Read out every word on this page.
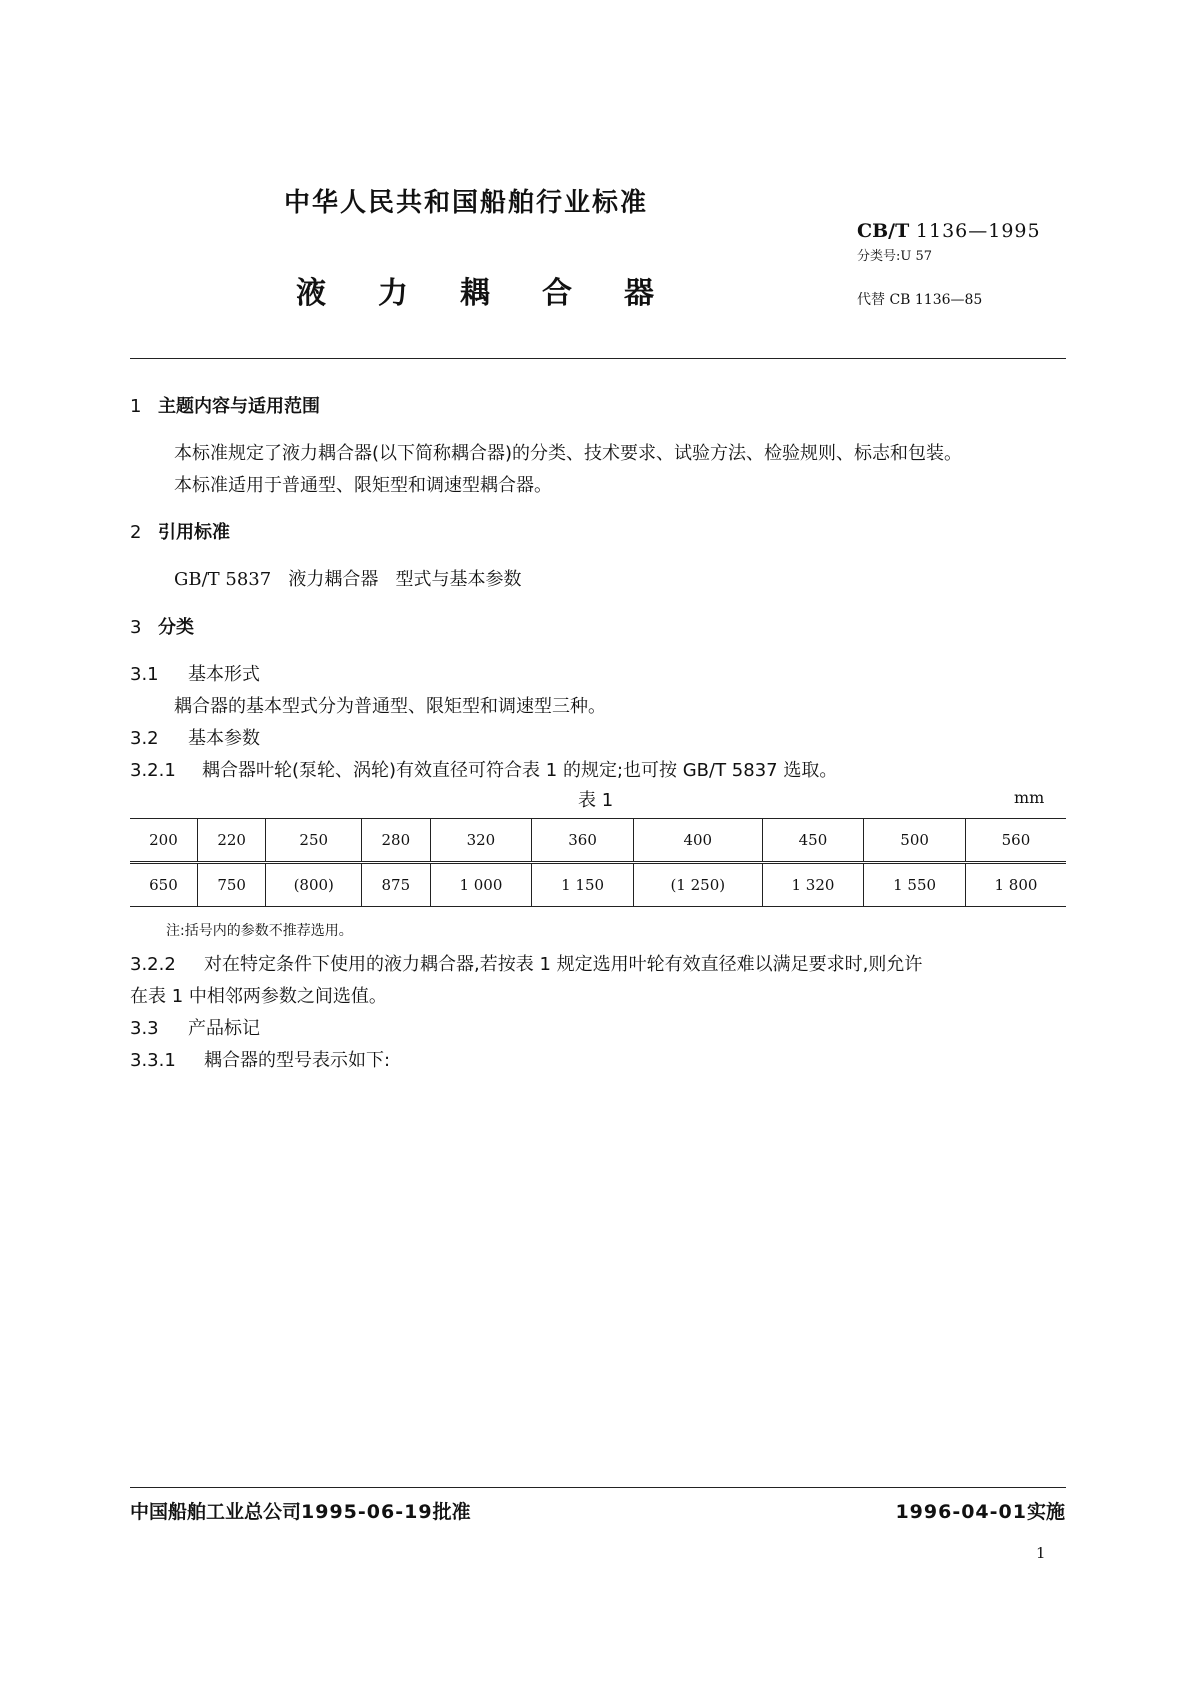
中华人民共和国船舶行业标准
液力耦合器
CB/T 1136—1995
分类号:U 57
代替 CB 1136—85
1 主题内容与适用范围
本标准规定了液力耦合器(以下简称耦合器)的分类、技术要求、试验方法、检验规则、标志和包装。
本标准适用于普通型、限矩型和调速型耦合器。
2 引用标准
GB/T 5837   液力耦合器   型式与基本参数
3 分类
3.1 基本形式
耦合器的基本型式分为普通型、限矩型和调速型三种。
3.2 基本参数
3.2.1 耦合器叶轮(泵轮、涡轮)有效直径可符合表 1 的规定;也可按 GB/T 5837 选取。
表 1	mm
200	220	250	280	320	360	400	450	500	560
650	750	(800)	875	1 000	1 150	(1 250)	1 320	1 550	1 800
注:括号内的参数不推荐选用。
3.2.2 对在特定条件下使用的液力耦合器,若按表 1 规定选用叶轮有效直径难以满足要求时,则允许
在表 1 中相邻两参数之间选值。
3.3 产品标记
3.3.1 耦合器的型号表示如下:
中国船舶工业总公司1995-06-19批准	1996-04-01实施
1
